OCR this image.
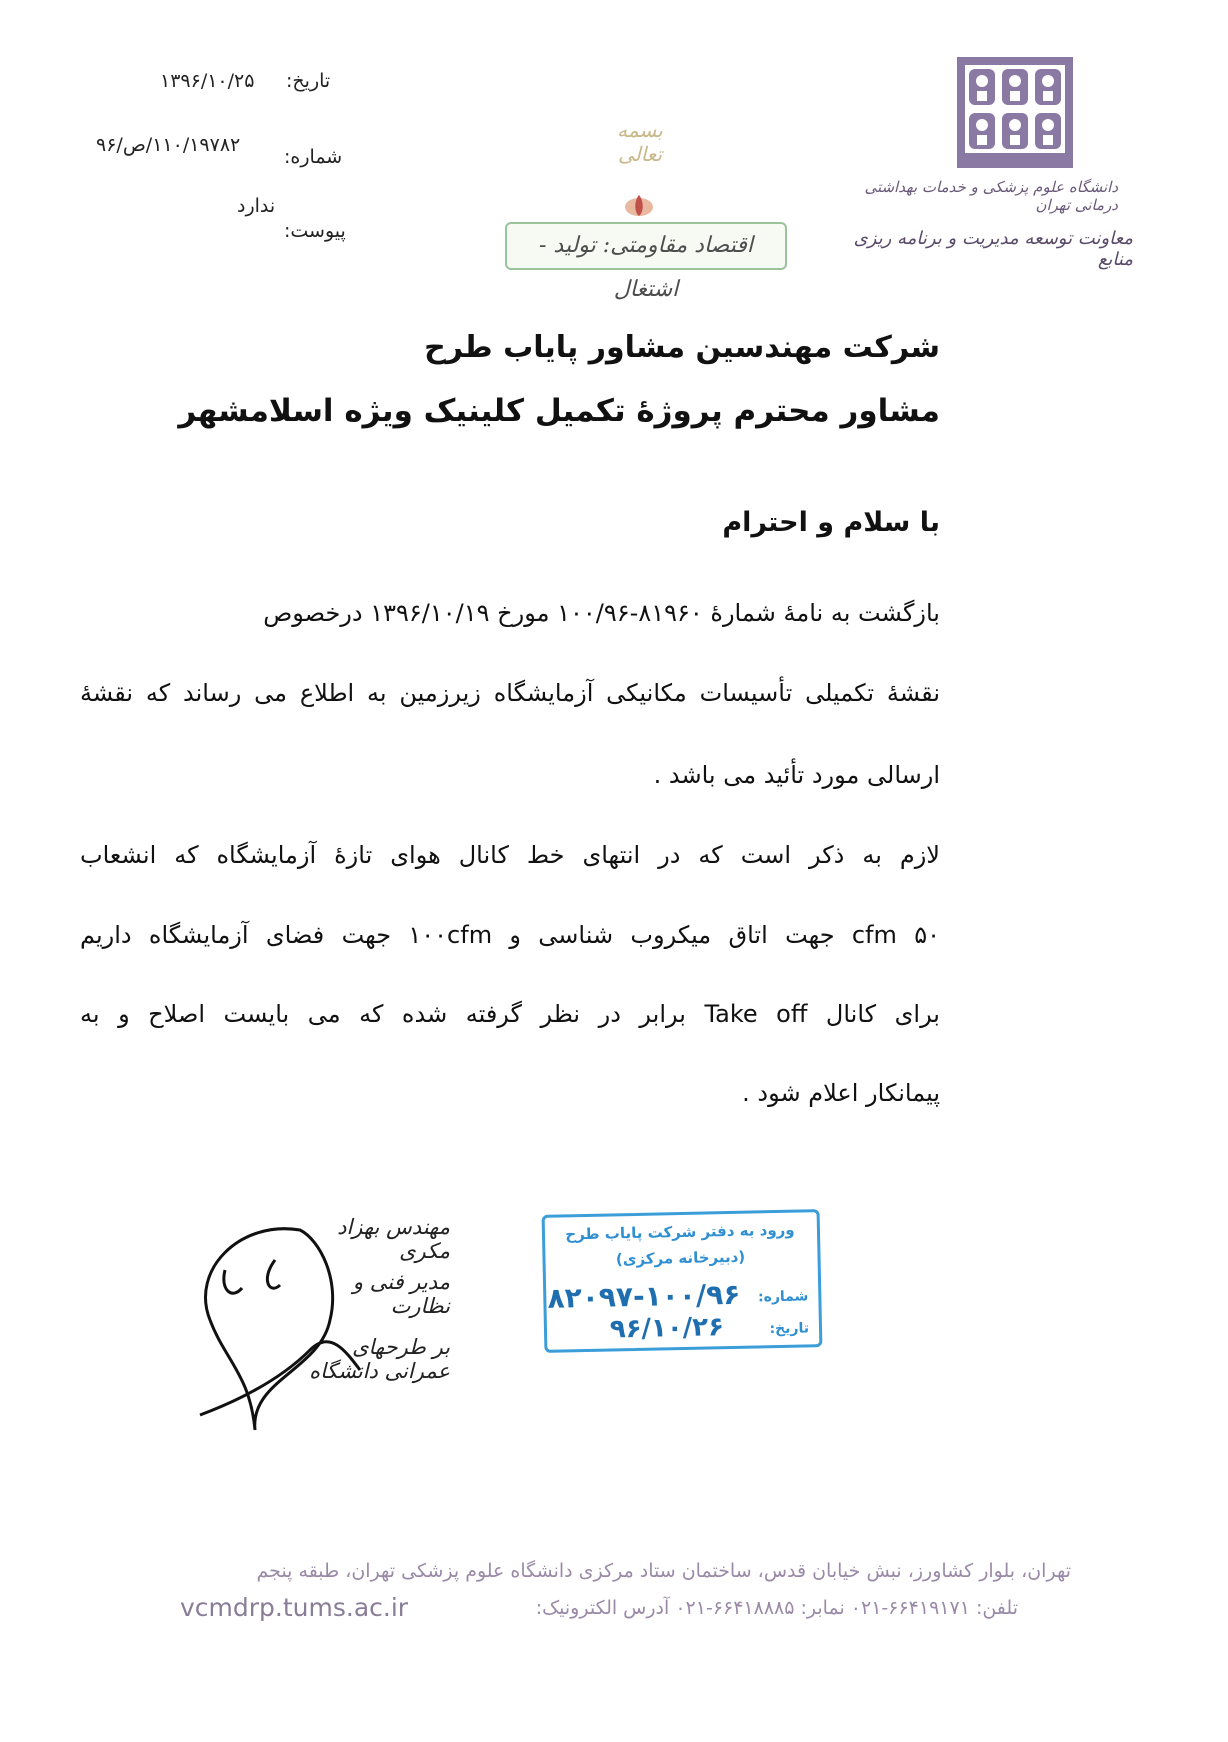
دانشگاه علوم پزشکی و خدمات بهداشتی درمانی تهران
معاونت توسعه مدیریت و برنامه ریزی منابع
بسمه تعالی
اقتصاد مقاومتی: تولید - اشتغال
تاریخ:
۱۳۹۶/۱۰/۲۵
شماره:
۱۱۰/۱۹۷۸۲/ص/۹۶
ندارد
پیوست:
شرکت مهندسین مشاور پایاب طرح
مشاور محترم پروژهٔ تکمیل کلینیک ویژه اسلامشهر
با سلام و احترام
بازگشت به نامهٔ شمارهٔ ۸۱۹۶۰-۱۰۰/۹۶ مورخ ۱۳۹۶/۱۰/۱۹ درخصوص
نقشهٔ تکمیلی تأسیسات مکانیکی آزمایشگاه زیرزمین به اطلاع می رساند که نقشهٔ
ارسالی مورد تأئید می باشد .
لازم به ذکر است که در انتهای خط کانال هوای تازهٔ آزمایشگاه که انشعاب
۵۰ cfm جهت اتاق میکروب شناسی و ۱۰۰cfm جهت فضای آزمایشگاه داریم
برای کانال Take off برابر در نظر گرفته شده که می بایست اصلاح و به
پیمانکار اعلام شود .
مهندس بهزاد مکری
مدیر فنی و نظارت
بر طرحهای عمرانی دانشگاه
ورود به دفتر شرکت پایاب طرح
(دبیرخانه مرکزی)
شماره:
۸۲۰۹۷-۱۰۰/۹۶
تاریخ:
۹۶/۱۰/۲۶
تهران، بلوار کشاورز، نبش خیابان قدس، ساختمان ستاد مرکزی دانشگاه علوم پزشکی تهران، طبقه پنجم
تلفن: ۶۶۴۱۹۱۷۱-۰۲۱ نمابر: ۶۶۴۱۸۸۸۵-۰۲۱ آدرس الکترونیک:
vcmdrp.tums.ac.ir
